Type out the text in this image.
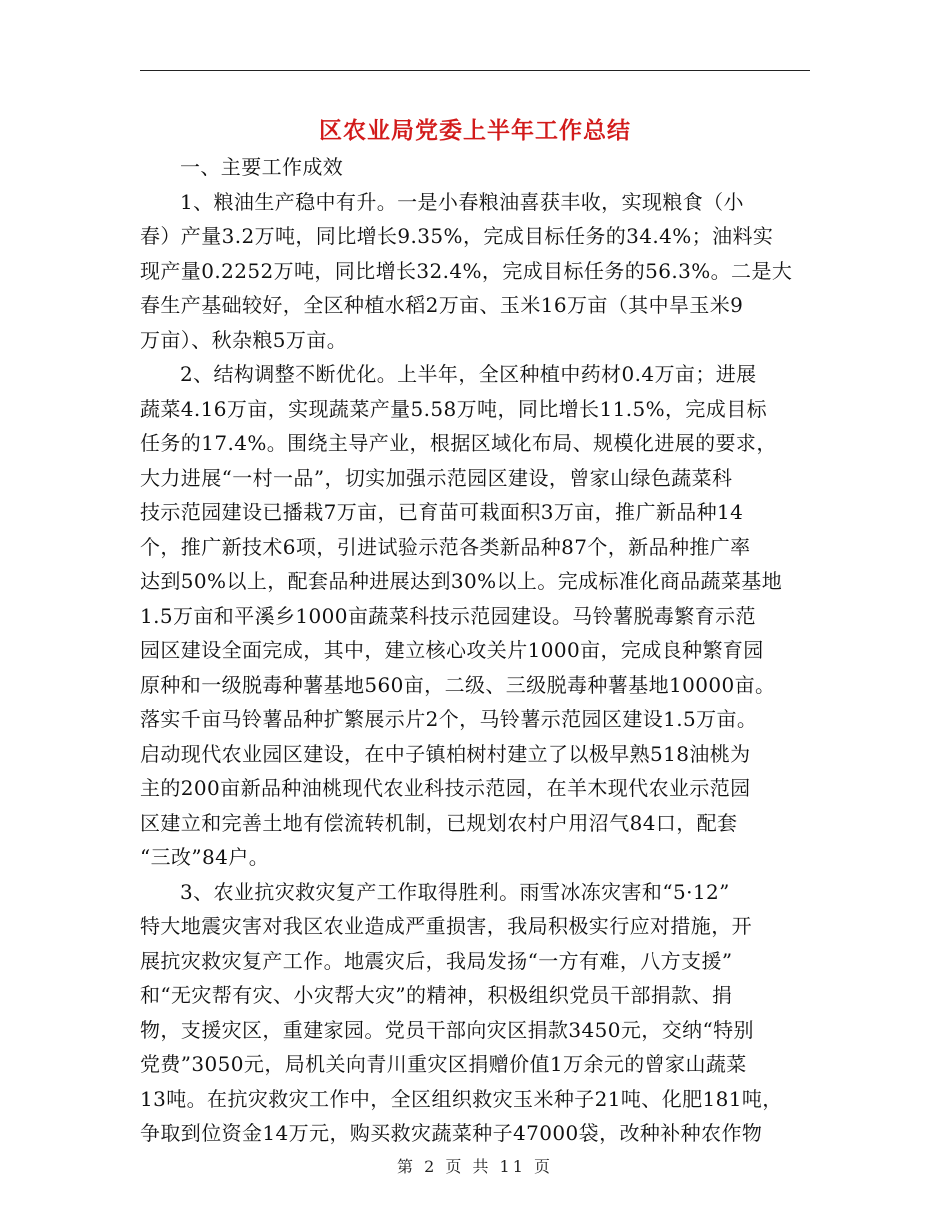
区农业局党委上半年工作总结
一、主要工作成效
1、粮油生产稳中有升。一是小春粮油喜获丰收，实现粮食（小
春）产量3.2万吨，同比增长9.35%，完成目标任务的34.4%；油料实
现产量0.2252万吨，同比增长32.4%，完成目标任务的56.3%。二是大
春生产基础较好，全区种植水稻2万亩、玉米16万亩（其中旱玉米9
万亩）、秋杂粮5万亩。
2、结构调整不断优化。上半年，全区种植中药材0.4万亩；进展
蔬菜4.16万亩，实现蔬菜产量5.58万吨，同比增长11.5%，完成目标
任务的17.4%。围绕主导产业，根据区域化布局、规模化进展的要求，
大力进展“一村一品”，切实加强示范园区建设，曾家山绿色蔬菜科
技示范园建设已播栽7万亩，已育苗可栽面积3万亩，推广新品种14
个，推广新技术6项，引进试验示范各类新品种87个，新品种推广率
达到50%以上，配套品种进展达到30%以上。完成标准化商品蔬菜基地
1.5万亩和平溪乡1000亩蔬菜科技示范园建设。马铃薯脱毒繁育示范
园区建设全面完成，其中，建立核心攻关片1000亩，完成良种繁育园
原种和一级脱毒种薯基地560亩，二级、三级脱毒种薯基地10000亩。
落实千亩马铃薯品种扩繁展示片2个，马铃薯示范园区建设1.5万亩。
启动现代农业园区建设，在中子镇柏树村建立了以极早熟518油桃为
主的200亩新品种油桃现代农业科技示范园，在羊木现代农业示范园
区建立和完善土地有偿流转机制，已规划农村户用沼气84口，配套
“三改”84户。
3、农业抗灾救灾复产工作取得胜利。雨雪冰冻灾害和“5·12”
特大地震灾害对我区农业造成严重损害，我局积极实行应对措施，开
展抗灾救灾复产工作。地震灾后，我局发扬“一方有难，八方支援”
和“无灾帮有灾、小灾帮大灾”的精神，积极组织党员干部捐款、捐
物，支援灾区，重建家园。党员干部向灾区捐款3450元，交纳“特别
党费”3050元，局机关向青川重灾区捐赠价值1万余元的曾家山蔬菜
13吨。在抗灾救灾工作中，全区组织救灾玉米种子21吨、化肥181吨，
争取到位资金14万元，购买救灾蔬菜种子47000袋，改种补种农作物
第 2 页 共 11 页
